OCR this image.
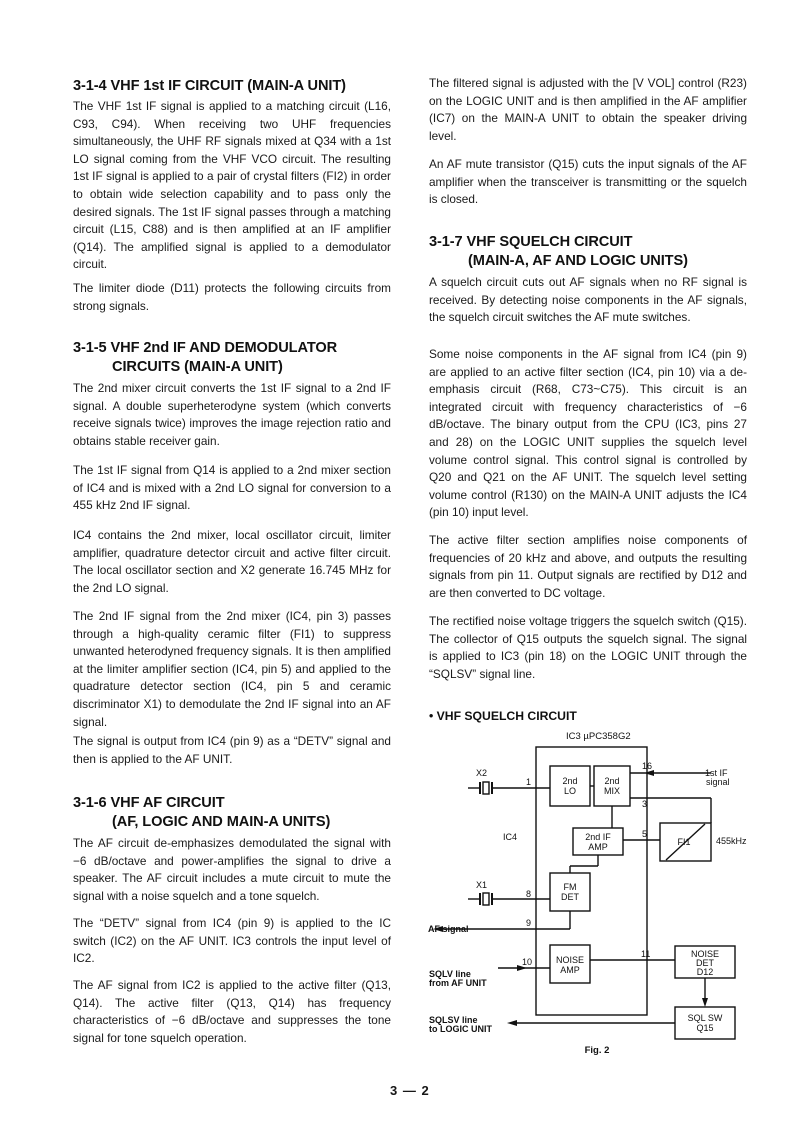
3-1-4 VHF 1st IF CIRCUIT (MAIN-A UNIT)

The VHF 1st IF signal is applied to a matching circuit (L16, C93, C94). When receiving two UHF frequencies simultaneously, the UHF RF signals mixed at Q34 with a 1st LO signal coming from the VHF VCO circuit. The resulting 1st IF signal is applied to a pair of crystal filters (FI2) in order to obtain wide selection capability and to pass only the desired signals. The 1st IF signal passes through a matching circuit (L15, C88) and is then amplified at an IF amplifier (Q14). The amplified signal is applied to a demodulator circuit.

The limiter diode (D11) protects the following circuits from strong signals.

3-1-5 VHF 2nd IF AND DEMODULATOR
CIRCUITS (MAIN-A UNIT)

The 2nd mixer circuit converts the 1st IF signal to a 2nd IF signal. A double superheterodyne system (which converts receive signals twice) improves the image rejection ratio and obtains stable receiver gain.

The 1st IF signal from Q14 is applied to a 2nd mixer section of IC4 and is mixed with a 2nd LO signal for conversion to a 455 kHz 2nd IF signal.

IC4 contains the 2nd mixer, local oscillator circuit, limiter amplifier, quadrature detector circuit and active filter circuit. The local oscillator section and X2 generate 16.745 MHz for the 2nd LO signal.

The 2nd IF signal from the 2nd mixer (IC4, pin 3) passes through a high-quality ceramic filter (FI1) to suppress unwanted heterodyned frequency signals. It is then amplified at the limiter amplifier section (IC4, pin 5) and applied to the quadrature detector section (IC4, pin 5 and ceramic discriminator X1) to demodulate the 2nd IF signal into an AF signal.

The signal is output from IC4 (pin 9) as a “DETV” signal and then is applied to the AF UNIT.

3-1-6 VHF AF CIRCUIT
(AF, LOGIC AND MAIN-A UNITS)

The AF circuit de-emphasizes demodulated the signal with −6 dB/octave and power-amplifies the signal to drive a speaker. The AF circuit includes a mute circuit to mute the signal with a noise squelch and a tone squelch.

The “DETV” signal from IC4 (pin 9) is applied to the IC switch (IC2) on the AF UNIT. IC3 controls the input level of IC2.

The AF signal from IC2 is applied to the active filter (Q13, Q14). The active filter (Q13, Q14) has frequency characteristics of −6 dB/octave and suppresses the tone signal for tone squelch operation.

The filtered signal is adjusted with the [V VOL] control (R23) on the LOGIC UNIT and is then amplified in the AF amplifier (IC7) on the MAIN-A UNIT to obtain the speaker driving level.

An AF mute transistor (Q15) cuts the input signals of the AF amplifier when the transceiver is transmitting or the squelch is closed.

3-1-7 VHF SQUELCH CIRCUIT
(MAIN-A, AF AND LOGIC UNITS)

A squelch circuit cuts out AF signals when no RF signal is received. By detecting noise components in the AF signals, the squelch circuit switches the AF mute switches.

Some noise components in the AF signal from IC4 (pin 9) are applied to an active filter section (IC4, pin 10) via a de-emphasis circuit (R68, C73~C75). This circuit is an integrated circuit with frequency characteristics of −6 dB/octave. The binary output from the CPU (IC3, pins 27 and 28) on the LOGIC UNIT supplies the squelch level volume control signal. This control signal is controlled by Q20 and Q21 on the AF UNIT. The squelch level setting volume control (R130) on the MAIN-A UNIT adjusts the IC4 (pin 10) input level.

The active filter section amplifies noise components of frequencies of 20 kHz and above, and outputs the resulting signals from pin 11. Output signals are rectified by D12 and are then converted to DC voltage.

The rectified noise voltage triggers the squelch switch (Q15). The collector of Q15 outputs the squelch signal. The signal is applied to IC3 (pin 18) on the LOGIC UNIT through the “SQLSV” signal line.

• VHF SQUELCH CIRCUIT
IC3 µPC358G2
IC4
X2
X1
2nd
LO
2nd
MIX
2nd IF
AMP
FM
DET
NOISE
AMP
FI1	455kHz
1st IF
signal
NOISE
DET
D12
SQL SW
Q15
AF signal
SQLV line
from AF UNIT
SQLSV line
to LOGIC UNIT
1
16
3
5
8
9
10
11
Fig. 2
3 — 2
